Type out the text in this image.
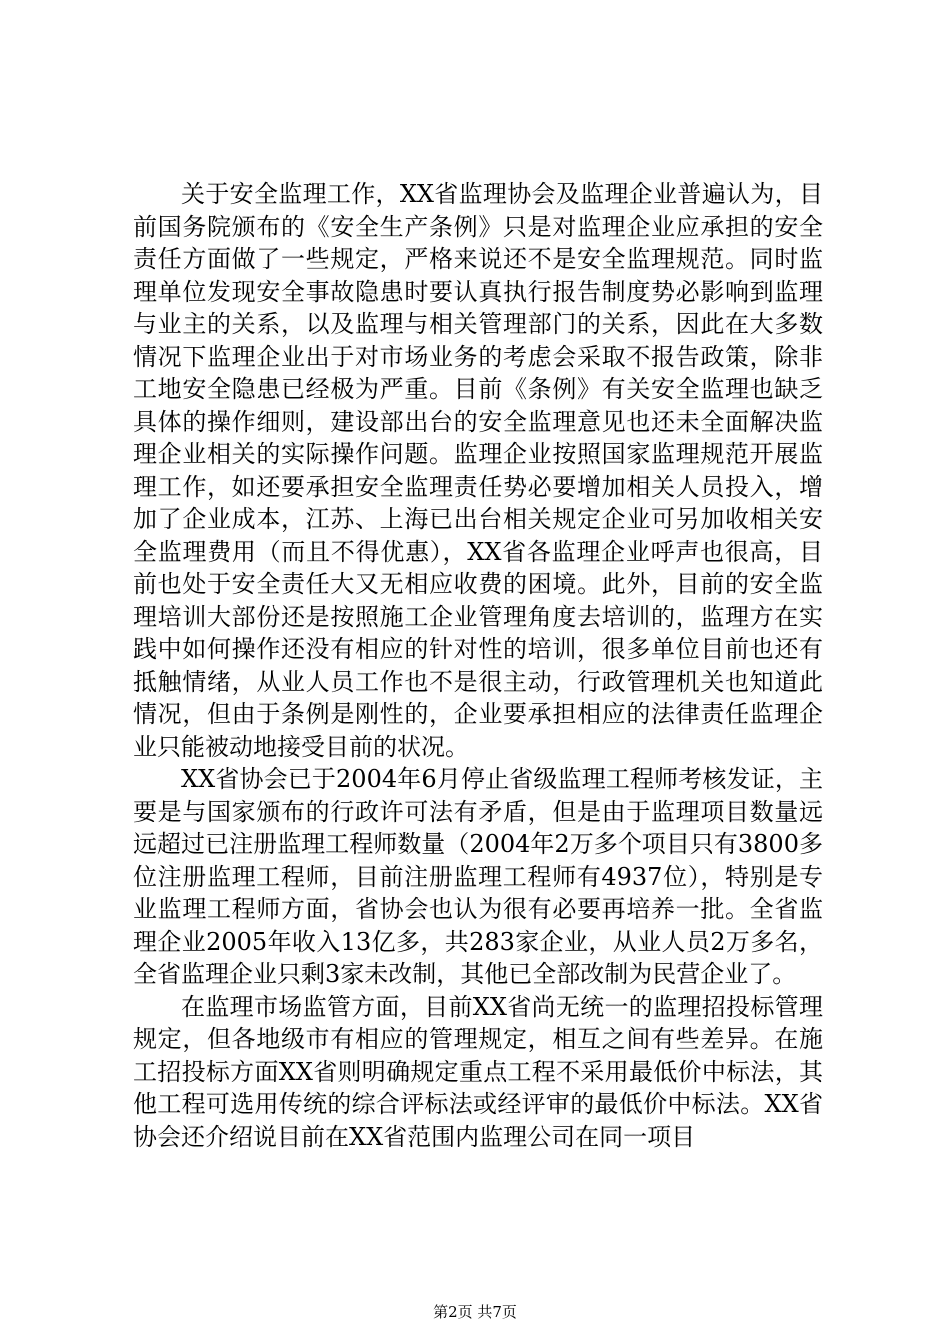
关于安全监理工作，XX省监理协会及监理企业普遍认为，目前国务院颁布的《安全生产条例》只是对监理企业应承担的安全责任方面做了一些规定，严格来说还不是安全监理规范。同时监理单位发现安全事故隐患时要认真执行报告制度势必影响到监理与业主的关系，以及监理与相关管理部门的关系，因此在大多数情况下监理企业出于对市场业务的考虑会采取不报告政策，除非工地安全隐患已经极为严重。目前《条例》有关安全监理也缺乏具体的操作细则，建设部出台的安全监理意见也还未全面解决监理企业相关的实际操作问题。监理企业按照国家监理规范开展监理工作，如还要承担安全监理责任势必要增加相关人员投入，增加了企业成本，江苏、上海已出台相关规定企业可另加收相关安全监理费用（而且不得优惠），XX省各监理企业呼声也很高，目前也处于安全责任大又无相应收费的困境。此外，目前的安全监理培训大部份还是按照施工企业管理角度去培训的，监理方在实践中如何操作还没有相应的针对性的培训，很多单位目前也还有抵触情绪，从业人员工作也不是很主动，行政管理机关也知道此情况，但由于条例是刚性的，企业要承担相应的法律责任监理企业只能被动地接受目前的状况。

XX省协会已于2004年6月停止省级监理工程师考核发证，主要是与国家颁布的行政许可法有矛盾，但是由于监理项目数量远远超过已注册监理工程师数量（2004年2万多个项目只有3800多位注册监理工程师，目前注册监理工程师有4937位），特别是专业监理工程师方面，省协会也认为很有必要再培养一批。全省监理企业2005年收入13亿多，共283家企业，从业人员2万多名，全省监理企业只剩3家未改制，其他已全部改制为民营企业了。

在监理市场监管方面，目前XX省尚无统一的监理招投标管理规定，但各地级市有相应的管理规定，相互之间有些差异。在施工招投标方面XX省则明确规定重点工程不采用最低价中标法，其他工程可选用传统的综合评标法或经评审的最低价中标法。XX省协会还介绍说目前在XX省范围内监理公司在同一项目

第2页 共7页
